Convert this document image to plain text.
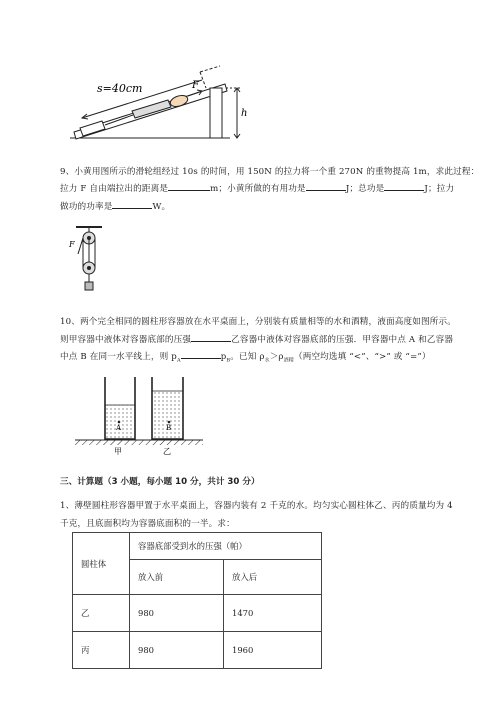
s=40cm	F
h
9、小黄用图所示的滑轮组经过 10s 的时间，用 150N 的拉力将一个重 270N 的重物提高 1m，求此过程：
拉力 F 自由端拉出的距离是	m；小黄所做的有用功是	J；总功是	J；拉力
做功的功率是	W。
F
10、两个完全相同的圆柱形容器放在水平桌面上，分别装有质量相等的水和酒精，液面高度如图所示。
则甲容器中液体对容器底部的压强	乙容器中液体对容器底部的压强．甲容器中点 A 和乙容器
中点 B 在同一水平线上，则 $p_A$	$p_B$。已知 $\rho_水>\rho_{酒精}$（两空均选填 “<”、“>” 或 “=”）
A	B
甲	乙
三、计算题（3 小题，每小题 10 分，共计 30 分）
1、薄壁圆柱形容器甲置于水平桌面上，容器内装有 2 千克的水。均匀实心圆柱体乙、丙的质量均为 4
千克，且底面积均为容器底面积的一半。求：
圆柱体	容器底部受到水的压强（帕）	
	放入前	放入后
乙	980	1470
丙	980	1960
